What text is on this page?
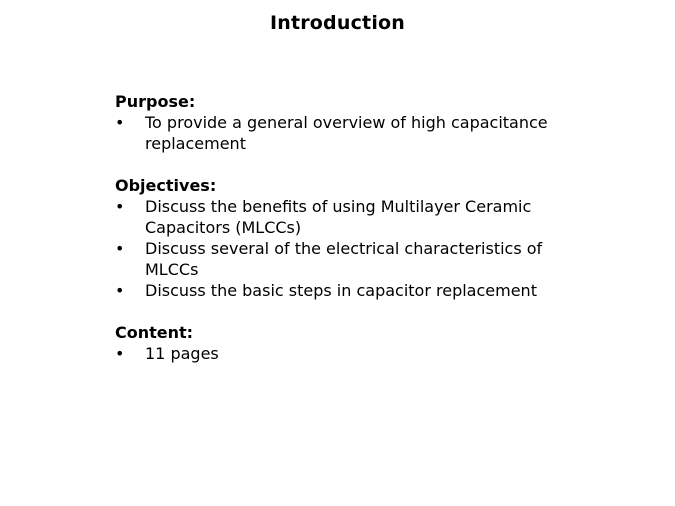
Introduction
Purpose:
• To provide a general overview of high capacitance replacement
Objectives:
• Discuss the benefits of using Multilayer Ceramic Capacitors (MLCCs)
• Discuss several of the electrical characteristics of MLCCs
• Discuss the basic steps in capacitor replacement
Content:
• 11 pages
